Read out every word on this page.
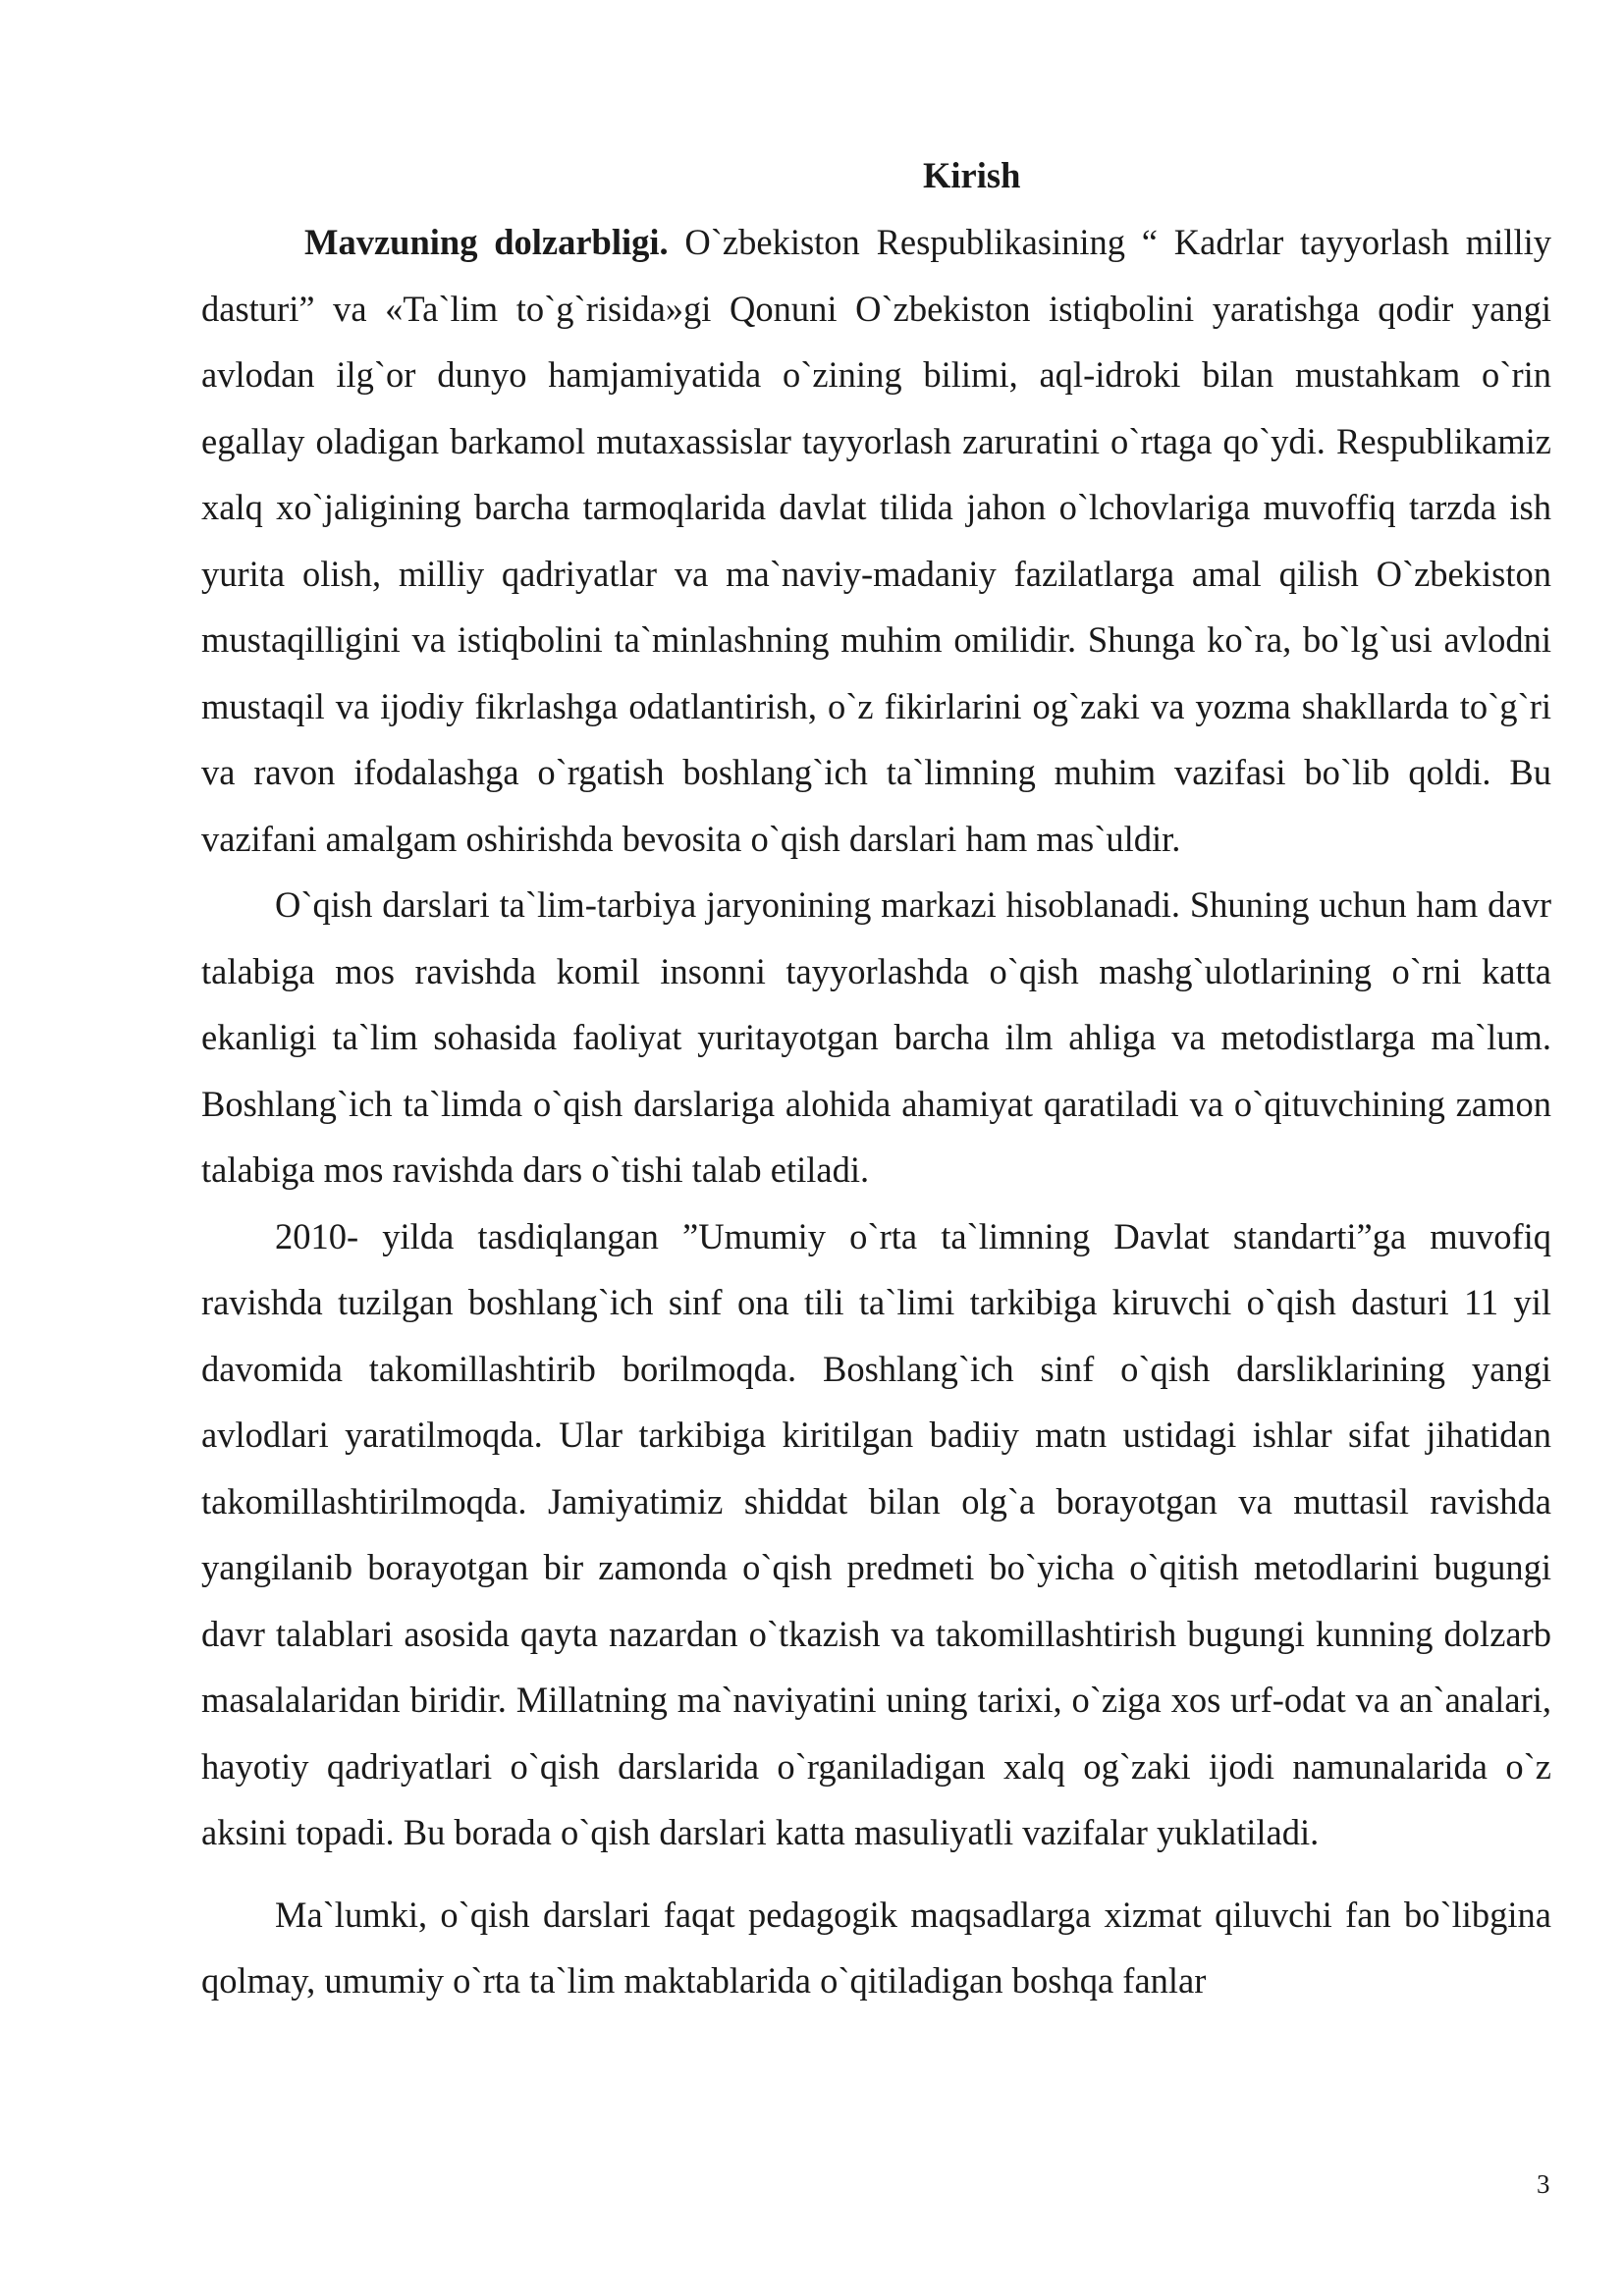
Kirish

Mavzuning dolzarbligi. O`zbekiston Respublikasining “ Kadrlar tayyorlash milliy dasturi” va «Ta`lim to`g`risida»gi Qonuni O`zbekiston istiqbolini yaratishga qodir yangi avlodan ilg`or dunyo hamjamiyatida o`zining bilimi, aql-idroki bilan mustahkam o`rin egallay oladigan barkamol mutaxassislar tayyorlash zaruratini o`rtaga qo`ydi. Respublikamiz xalq xo`jaligining barcha tarmoqlarida davlat tilida jahon o`lchovlariga muvoffiq tarzda ish yurita olish, milliy qadriyatlar va ma`naviy-madaniy fazilatlarga amal qilish O`zbekiston mustaqilligini va istiqbolini ta`minlashning muhim omilidir. Shunga ko`ra, bo`lg`usi avlodni mustaqil va ijodiy fikrlashga odatlantirish, o`z fikirlarini og`zaki va yozma shakllarda to`g`ri va ravon ifodalashga o`rgatish boshlang`ich ta`limning muhim vazifasi bo`lib qoldi. Bu vazifani amalgam oshirishda bevosita o`qish darslari ham mas`uldir.

O`qish darslari ta`lim-tarbiya jaryonining markazi hisoblanadi. Shuning uchun ham davr talabiga mos ravishda komil insonni tayyorlashda o`qish mashg`ulotlarining o`rni katta ekanligi ta`lim sohasida faoliyat yuritayotgan barcha ilm ahliga va metodistlarga ma`lum. Boshlang`ich ta`limda o`qish darslariga alohida ahamiyat qaratiladi va o`qituvchining zamon talabiga mos ravishda dars o`tishi talab etiladi.

2010- yilda tasdiqlangan ”Umumiy o`rta ta`limning Davlat standarti”ga muvofiq ravishda tuzilgan boshlang`ich sinf ona tili ta`limi tarkibiga kiruvchi o`qish dasturi 11 yil davomida takomillashtirib borilmoqda. Boshlang`ich sinf o`qish darsliklarining yangi avlodlari yaratilmoqda. Ular tarkibiga kiritilgan badiiy matn ustidagi ishlar sifat jihatidan takomillashtirilmoqda. Jamiyatimiz shiddat bilan olg`a borayotgan va muttasil ravishda yangilanib borayotgan bir zamonda o`qish predmeti bo`yicha o`qitish metodlarini bugungi davr talablari asosida qayta nazardan o`tkazish va takomillashtirish bugungi kunning dolzarb masalalaridan biridir. Millatning ma`naviyatini uning tarixi, o`ziga xos urf-odat va an`analari, hayotiy qadriyatlari o`qish darslarida o`rganiladigan xalq og`zaki ijodi namunalarida o`z aksini topadi. Bu borada o`qish darslari katta masuliyatli vazifalar yuklatiladi.

Ma`lumki, o`qish darslari faqat pedagogik maqsadlarga xizmat qiluvchi fan bo`libgina qolmay, umumiy o`rta ta`lim maktablarida o`qitiladigan boshqa fanlar

3
